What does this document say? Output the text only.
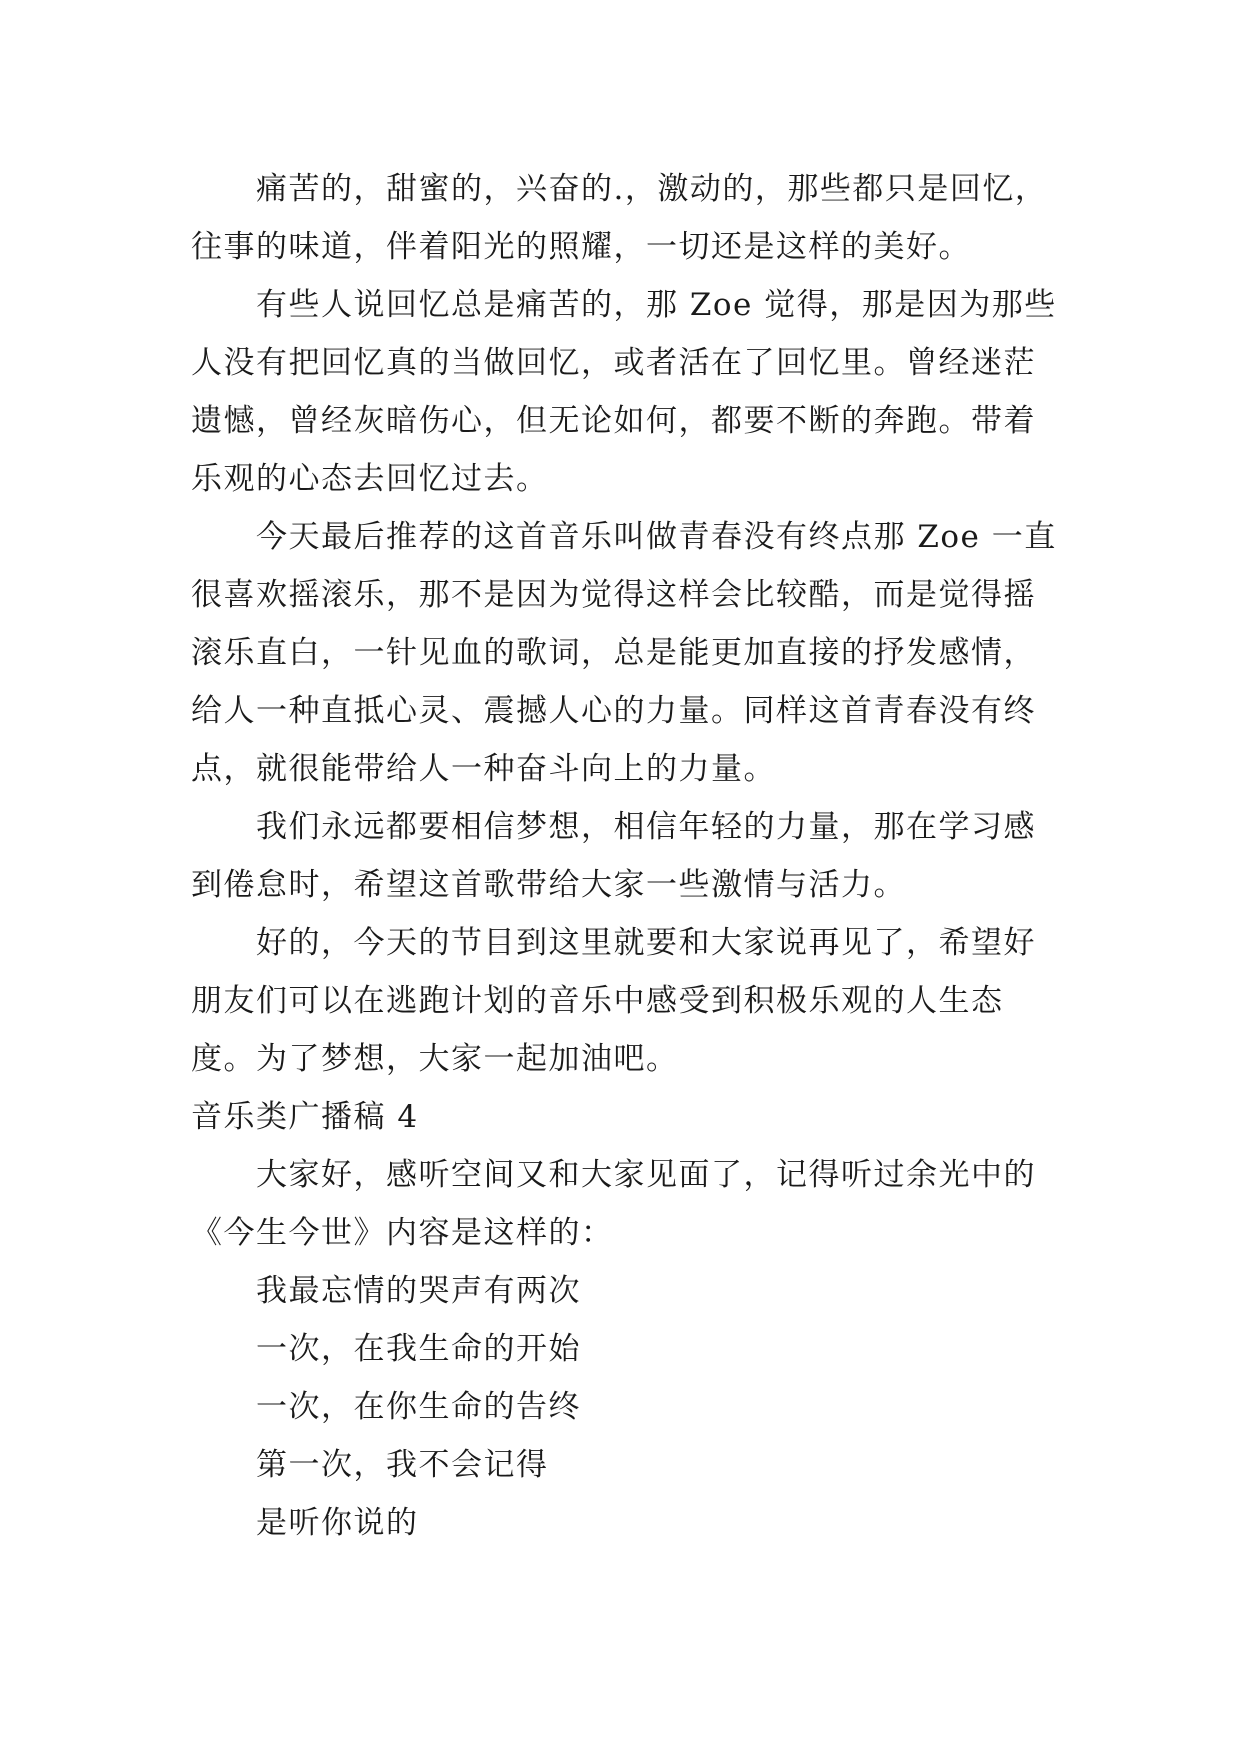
痛苦的，甜蜜的，兴奋的.，激动的，那些都只是回忆，
往事的味道，伴着阳光的照耀，一切还是这样的美好。
有些人说回忆总是痛苦的，那 Zoe 觉得，那是因为那些
人没有把回忆真的当做回忆，或者活在了回忆里。曾经迷茫
遗憾，曾经灰暗伤心，但无论如何，都要不断的奔跑。带着
乐观的心态去回忆过去。
今天最后推荐的这首音乐叫做青春没有终点那 Zoe 一直
很喜欢摇滚乐，那不是因为觉得这样会比较酷，而是觉得摇
滚乐直白，一针见血的歌词，总是能更加直接的抒发感情，
给人一种直抵心灵、震撼人心的力量。同样这首青春没有终
点，就很能带给人一种奋斗向上的力量。
我们永远都要相信梦想，相信年轻的力量，那在学习感
到倦怠时，希望这首歌带给大家一些激情与活力。
好的，今天的节目到这里就要和大家说再见了，希望好
朋友们可以在逃跑计划的音乐中感受到积极乐观的人生态
度。为了梦想，大家一起加油吧。
音乐类广播稿 4
大家好，感听空间又和大家见面了，记得听过余光中的
《今生今世》内容是这样的：
我最忘情的哭声有两次
一次，在我生命的开始
一次，在你生命的告终
第一次，我不会记得
是听你说的
